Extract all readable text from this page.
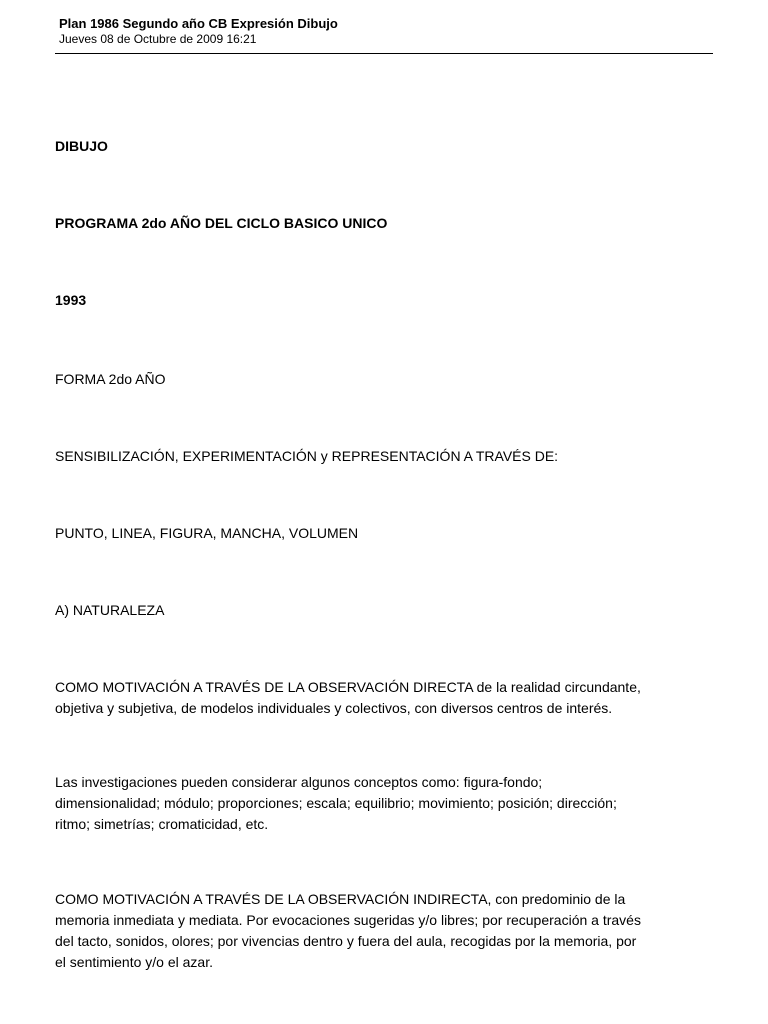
Plan 1986 Segundo año CB Expresión Dibujo

Jueves 08 de Octubre de 2009 16:21

DIBUJO

PROGRAMA 2do AÑO DEL CICLO BASICO UNICO

1993

FORMA 2do AÑO

SENSIBILIZACIÓN, EXPERIMENTACIÓN y REPRESENTACIÓN A TRAVÉS DE:

PUNTO, LINEA, FIGURA, MANCHA, VOLUMEN

A) NATURALEZA

COMO MOTIVACIÓN A TRAVÉS DE LA OBSERVACIÓN DIRECTA de la realidad circundante,
objetiva y subjetiva, de modelos individuales y colectivos, con diversos centros de interés.
Las investigaciones pueden considerar algunos conceptos como: figura-fondo;
dimensionalidad; módulo; proporciones; escala; equilibrio; movimiento; posición; dirección;
ritmo; simetrías; cromaticidad, etc.
COMO MOTIVACIÓN A TRAVÉS DE LA OBSERVACIÓN INDIRECTA, con predominio de la
memoria inmediata y mediata. Por evocaciones sugeridas y/o libres; por recuperación a través
del tacto, sonidos, olores; por vivencias dentro y fuera del aula, recogidas por la memoria, por
el sentimiento y/o el azar.
